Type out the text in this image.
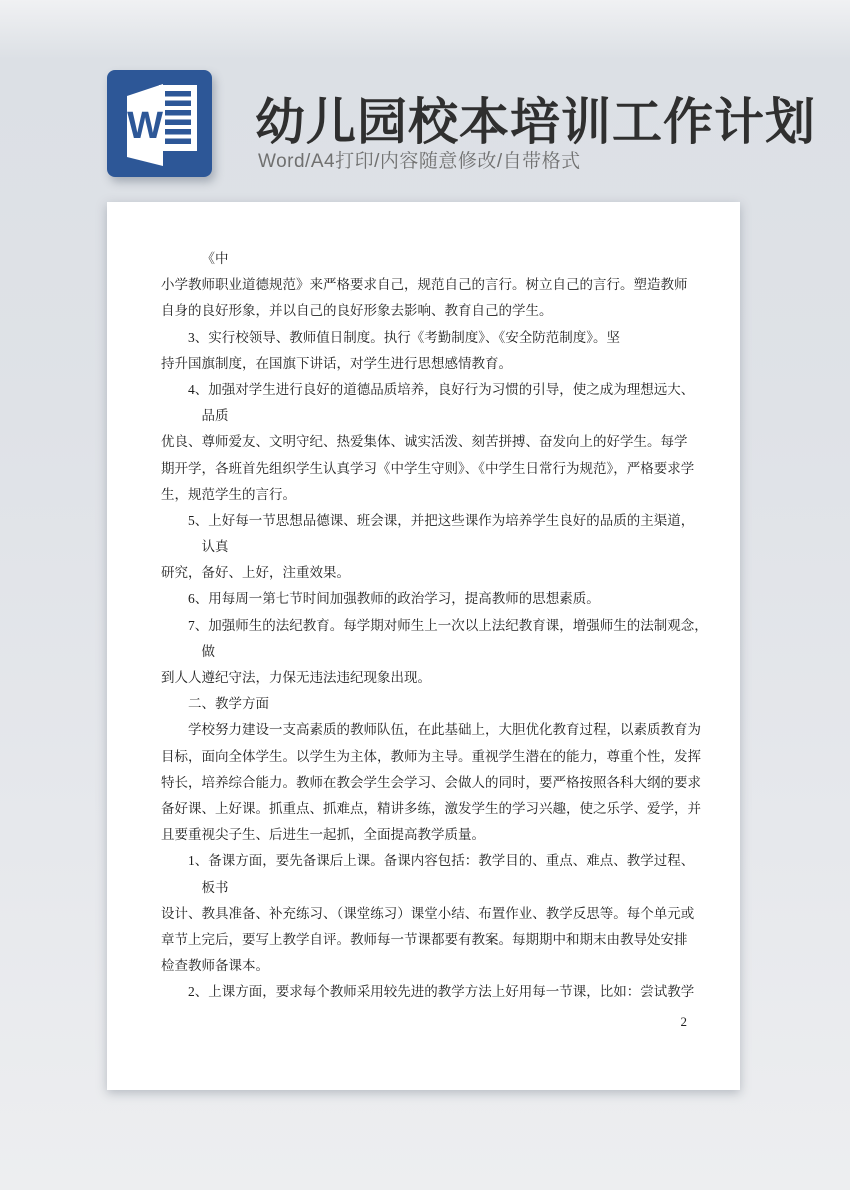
W 幼儿园校本培训工作计划
Word/A4打印/内容随意修改/自带格式
《中
小学教师职业道德规范》来严格要求自己，规范自己的言行。树立自己的言行。塑造教师
自身的良好形象，并以自己的良好形象去影响、教育自己的学生。
3、实行校领导、教师值日制度。执行《考勤制度》、《安全防范制度》。坚
持升国旗制度，在国旗下讲话，对学生进行思想感情教育。
4、加强对学生进行良好的道德品质培养，良好行为习惯的引导，使之成为理想远大、
品质
优良、尊师爱友、文明守纪、热爱集体、诚实活泼、刻苦拼搏、奋发向上的好学生。每学
期开学，各班首先组织学生认真学习《中学生守则》、《中学生日常行为规范》，严格要求学
生，规范学生的言行。
5、上好每一节思想品德课、班会课，并把这些课作为培养学生良好的品质的主渠道，
认真
研究，备好、上好，注重效果。
6、用每周一第七节时间加强教师的政治学习，提高教师的思想素质。
7、加强师生的法纪教育。每学期对师生上一次以上法纪教育课，增强师生的法制观念，
做
到人人遵纪守法，力保无违法违纪现象出现。
二、教学方面
学校努力建设一支高素质的教师队伍，在此基础上，大胆优化教育过程，以素质教育为
目标，面向全体学生。以学生为主体，教师为主导。重视学生潜在的能力，尊重个性，发挥
特长，培养综合能力。教师在教会学生会学习、会做人的同时，要严格按照各科大纲的要求
备好课、上好课。抓重点、抓难点，精讲多练，激发学生的学习兴趣，使之乐学、爱学，并
且要重视尖子生、后进生一起抓，全面提高教学质量。
1、备课方面，要先备课后上课。备课内容包括：教学目的、重点、难点、教学过程、
板书
设计、教具准备、补充练习、（课堂练习）课堂小结、布置作业、教学反思等。每个单元或
章节上完后，要写上教学自评。教师每一节课都要有教案。每期期中和期末由教导处安排
检查教师备课本。
2、上课方面，要求每个教师采用较先进的教学方法上好用每一节课，比如：尝试教学
2
